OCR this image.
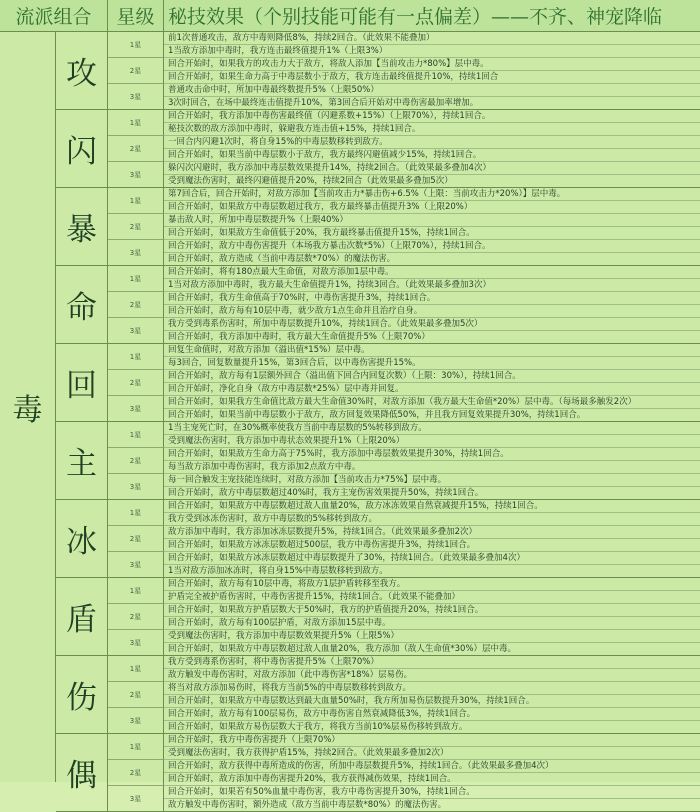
流派组合 星级 秘技效果（个别技能可能有一点偏差）——不齐、神宠降临
毒
攻
1星
前1次普通攻击，敌方中毒则降低8%，持续2回合。（此效果不能叠加）
1当敌方添加中毒时，我方连击最终值提升1%（上限3%）
2星
回合开始时，如果我方的攻击力大于敌方，将敌人添加【当前攻击力*80%】层中毒。
回合开始时，如果生命力高于中毒层数小于敌方，我方连击最终值提升10%，持续1回合
3星
普通攻击命中时，所加中毒最终数提升5%（上限50%）
3次时回合，在场中最终连击值提升10%，第3回合后开始对中毒伤害最加率增加。
闪
1星
回合开始时，我方添加中毒伤害最终值（闪避系数+15%）（上限70%），持续1回合。
秘技次数的敌方添加中毒时，躲避我方连击值+15%，持续1回合。
2星
一回合内闪避1次时，将自身15%的中毒层数移转到敌方。
回合开始时，如果当前中毒层数小于敌方，我方最终闪避值减少15%，持续1回合。
3星
躲闪次闪避时，我方添加中毒层数效果提升14%，持续2回合。（此效果最多叠加4次）
受到魔法伤害时，最终闪避值提升20%，持续2回合（此效果最多叠加5次）
暴
1星
第7回合后，回合开始时，对敌方添加【当前攻击力*暴击伤+6.5%（上限：当前攻击力*20%）】层中毒。
回合开始时，如果敌方中毒层数超过我方，我方最终暴击值提升3%（上限20%）
2星
暴击敌人时，所加中毒层数提升%（上限40%）
回合开始时，如果敌方生命值低于20%，我方最终暴击值提升15%，持续1回合。
3星
回合开始时，敌方中毒伤害提升（本场我方暴击次数*5%）（上限70%），持续1回合。
回合开始时，敌方造成（当前中毒层数*70%）的魔法伤害。
命
1星
回合开始时，将有180点最大生命值，对敌方添加1层中毒。
1当对敌方添加中毒时，我方最大生命值提升1%，持续3回合。（此效果最多叠加3次）
2星
回合开始时，我方生命值高于70%时，中毒伤害提升3%，持续1回合。
回合开始时，敌方每有10层中毒，就少敌方1点生命并且治疗自身。
3星
我方受到毒系伤害时，所加中毒层数提升10%，持续1回合。（此效果最多叠加5次）
回合开始时，我方添加中毒时，我方最大生命值提升5%（上限70%）
回
1星
回复生命值时，对敌方添加（溢出值*15%）层中毒。
每3回合，回复数量提升15%，第3回合后，以中毒伤害提升15%。
2星
回合开始时，敌方每有1层额外回合（溢出值下回合内回复次数）（上限：30%），持续1回合。
回合开始时，净化自身（敌方中毒层数*25%）层中毒并回复。
3星
回合开始时，如果我方生命值比敌方最大生命值30%时，对敌方添加（我方最大生命值*20%）层中毒。（每场最多触发2次）
回合开始时，如果当前中毒层数小于敌方，敌方回复效果降低50%，并且我方回复效果提升30%，持续1回合。
主
1星
1当主宠死亡时，在30%概率使我方当前中毒层数的5%转移到敌方。
受到魔法伤害时，我方添加中毒状态效果提升1%（上限20%）
2星
回合开始时，如果敌方生命力高于75%时，我方添加中毒层数效果提升30%，持续1回合。
每当敌方添加中毒伤害时，我方添加2点敌方中毒。
3星
每一回合触发主宠技能连续时，对敌方添加【当前攻击力*75%】层中毒。
回合开始时，敌方中毒层数超过40%时，我方主宠伤害效果提升50%，持续1回合。
冰
1星
回合开始时，如果敌方中毒层数超过敌人血量20%，敌方冰冻效果自然衰减提升15%，持续1回合。
我方受到冰冻伤害时，敌方中毒层数的5%移转到敌方。
2星
敌方添加中毒时，我方添加冰冻层数提升5%，持续1回合。（此效果最多叠加2次）
回合开始时，如果敌方冰冻层数超过500层，我方中毒伤害提升3%，持续1回合。
3星
回合开始时，如果敌方冰冻层数超过中毒层数提升了30%，持续1回合。（此效果最多叠加4次）
1当对敌方添加冰冻时，将自身15%中毒层数移转到敌方。
盾
1星
回合开始时，敌方每有10层中毒，将敌方1层护盾转移至我方。
护盾完全被护盾伤害时，中毒伤害提升15%，持续1回合。（此效果不能叠加）
2星
回合开始时，如果敌方护盾层数大于50%时，我方的护盾值提升20%，持续1回合。
回合开始时，敌方每有100层护盾，对敌方添加15层中毒。
3星
受到魔法伤害时，我方添加中毒层数效果提升5%（上限5%）
回合开始时，如果敌方中毒层数超过敌人血量20%，我方添加（敌人生命值*30%）层中毒。
伤
1星
我方受到毒系伤害时，将中毒伤害提升5%（上限70%）
敌方触发中毒伤害时，对敌方添加（此中毒伤害*18%）层易伤。
2星
将当对敌方添加易伤时，将我方当前5%的中毒层数移转到敌方。
回合开始时，如果敌方中毒层数达到最大血量50%时，我方所加易伤层数提升30%，持续1回合。
3星
回合开始时，敌方每有100层易伤，敌方中毒伤害自然衰减降低3%，持续1回合。
回合开始时，如果敌方易伤层数大于我方，将我方当前10%层易伤移转到敌方。
偶
1星
回合开始时，我方中毒伤害提升（上限70%）
受到魔法伤害时，我方获得护盾15%，持续2回合。（此效果最多叠加2次）
2星
回合开始时，敌方获得中毒所造成的伤害，所加中毒层数提升5%，持续1回合。（此效果最多叠加4次）
回合开始时，敌方添加中毒伤害提升20%，我方获得减伤效果，持续1回合。
3星
回合开始时，如果若有50%血量中毒伤害，我方中毒伤害提升30%，持续1回合。
敌方触发中毒伤害时，额外造成（敌方当前中毒层数*80%）的魔法伤害。
